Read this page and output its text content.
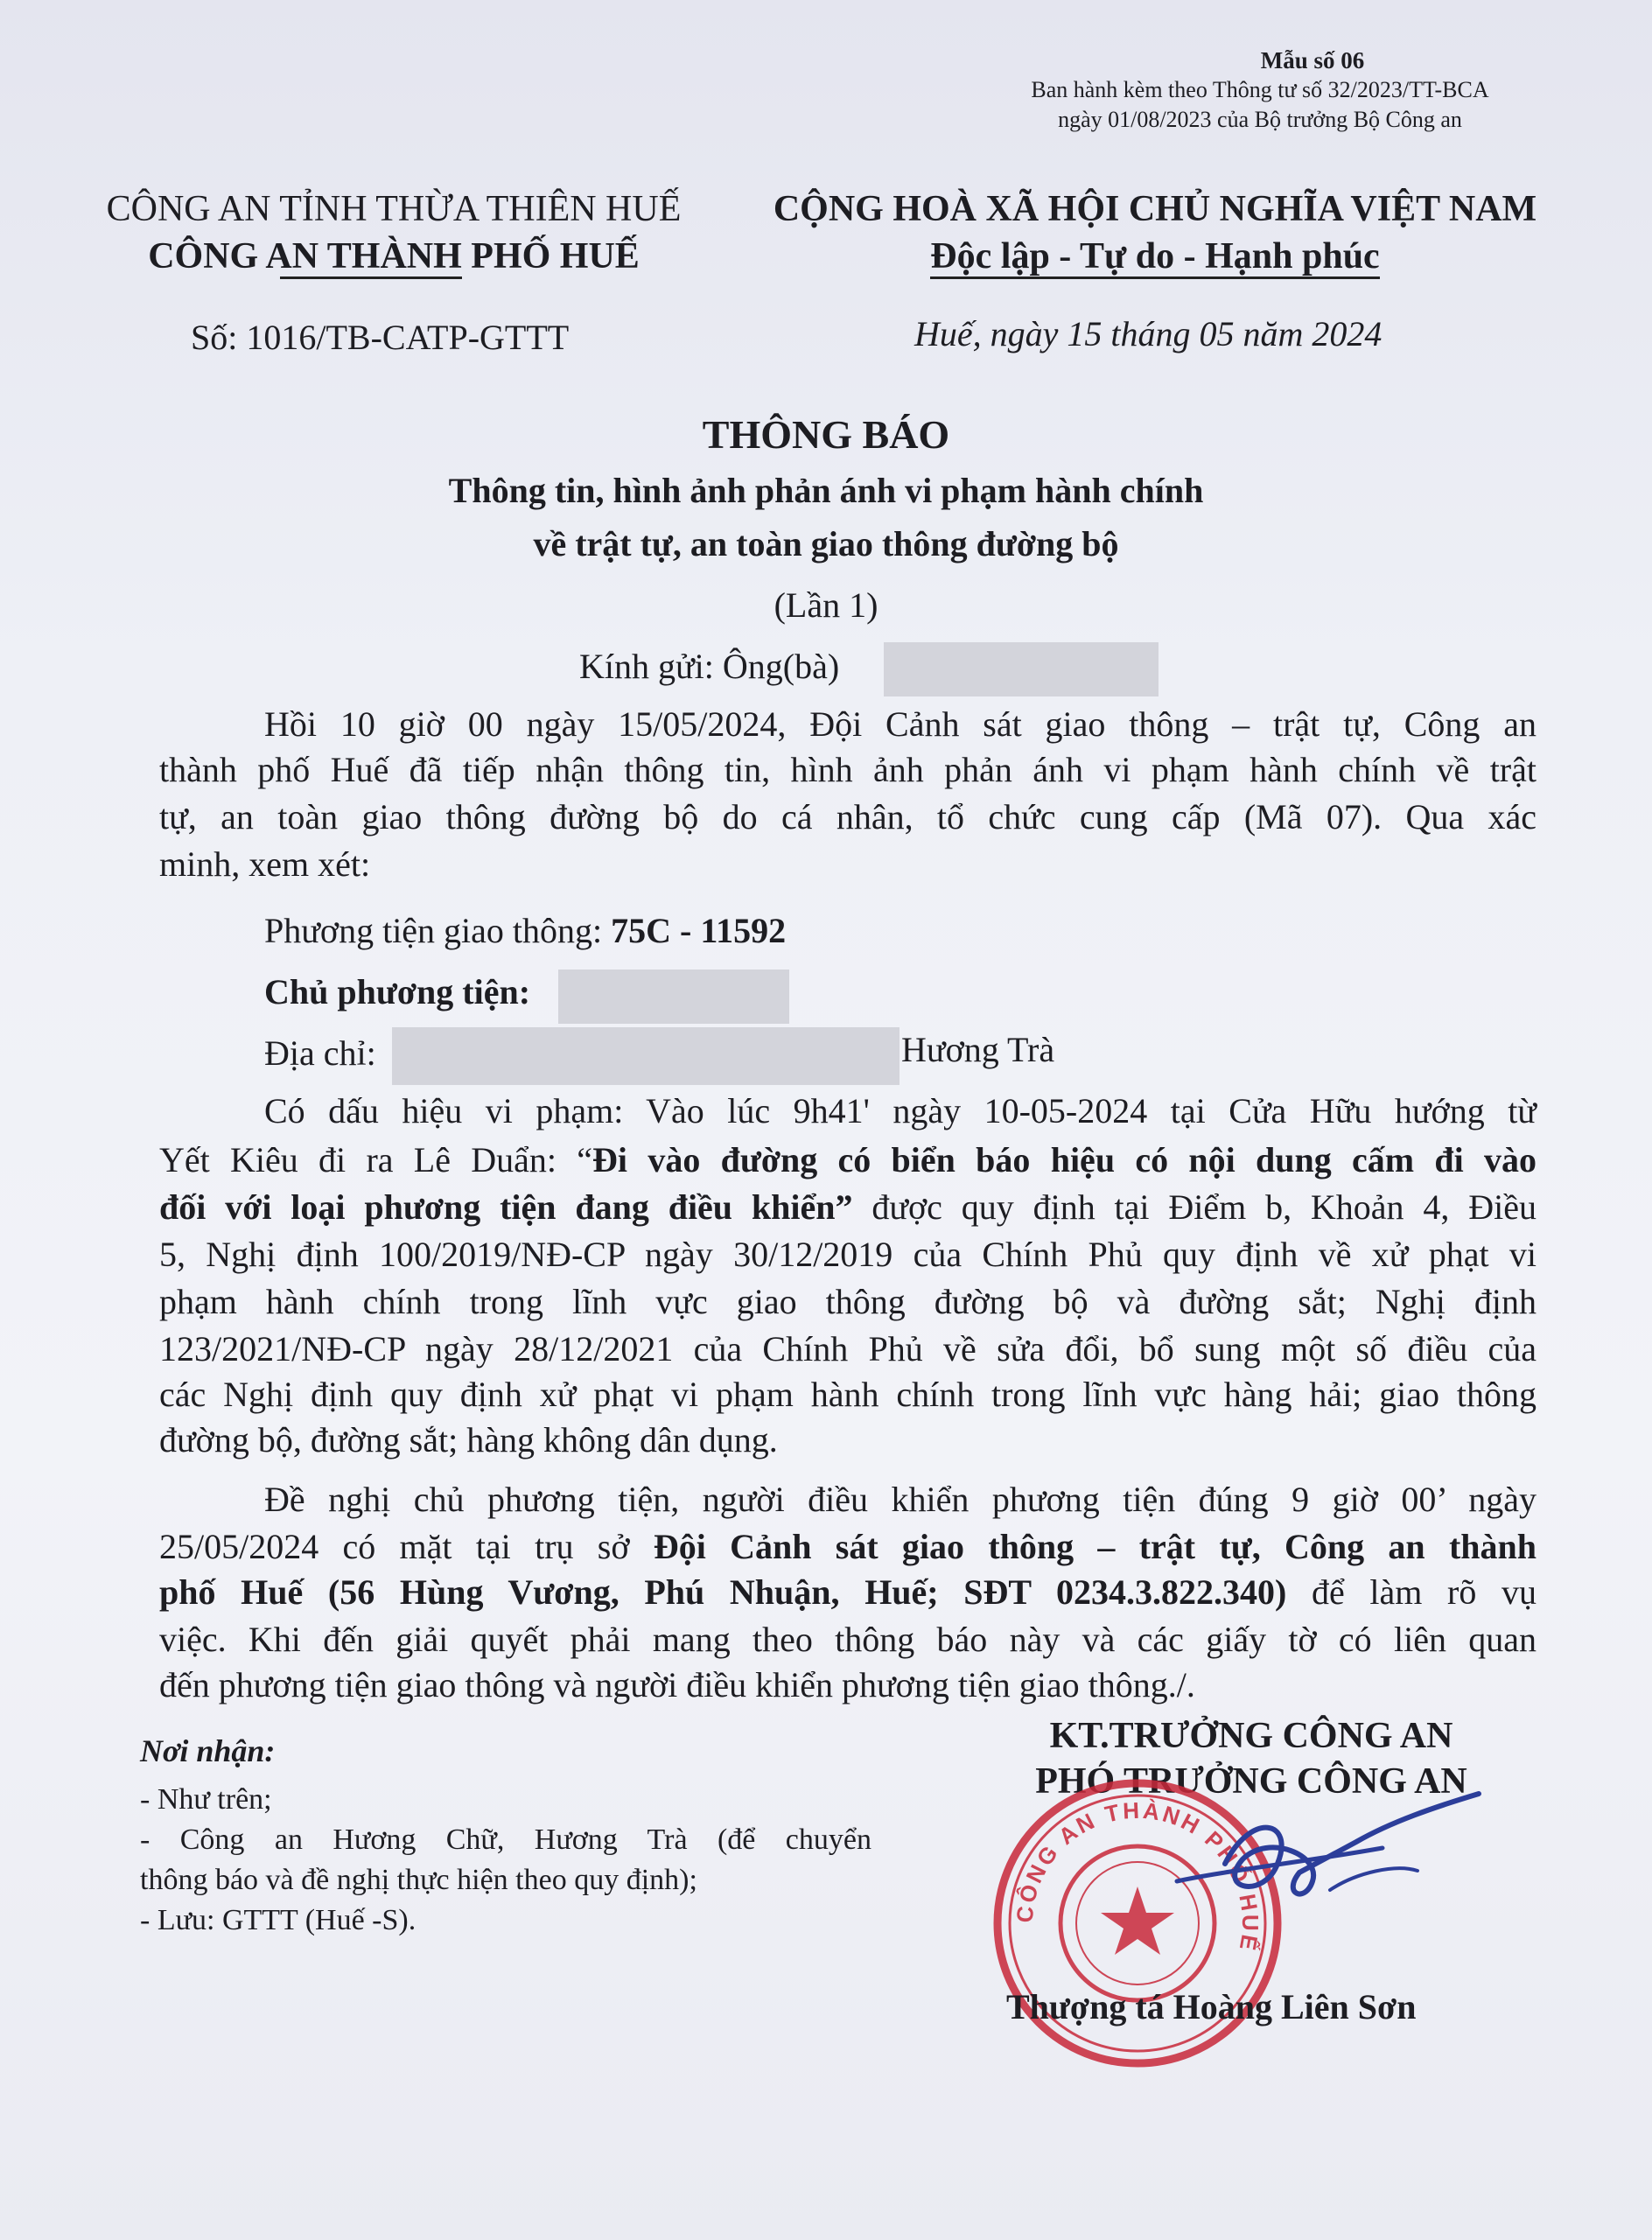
Mẫu số 06
Ban hành kèm theo Thông tư số 32/2023/TT-BCA
ngày 01/08/2023 của Bộ trưởng Bộ Công an
CÔNG AN TỈNH THỪA THIÊN HUẾ
CÔNG AN THÀNH PHỐ HUẾ
CỘNG HOÀ XÃ HỘI CHỦ NGHĨA VIỆT NAM
Độc lập - Tự do - Hạnh phúc
Số: 1016/TB-CATP-GTTT	Huế, ngày 15 tháng 05 năm 2024
THÔNG BÁO
Thông tin, hình ảnh phản ánh vi phạm hành chính
về trật tự, an toàn giao thông đường bộ
(Lần 1)
Kính gửi: Ông(bà)
Hồi 10 giờ 00 ngày 15/05/2024, Đội Cảnh sát giao thông – trật tự, Công an
thành phố Huế đã tiếp nhận thông tin, hình ảnh phản ánh vi phạm hành chính về trật
tự, an toàn giao thông đường bộ do cá nhân, tổ chức cung cấp (Mã 07). Qua xác
minh, xem xét:
Phương tiện giao thông: 75C - 11592
Chủ phương tiện:
Địa chỉ:	Hương Trà
Có dấu hiệu vi phạm: Vào lúc 9h41' ngày 10-05-2024 tại Cửa Hữu hướng từ
Yết Kiêu đi ra Lê Duẩn: “Đi vào đường có biển báo hiệu có nội dung cấm đi vào
đối với loại phương tiện đang điều khiển” được quy định tại Điểm b, Khoản 4, Điều
5, Nghị định 100/2019/NĐ-CP ngày 30/12/2019 của Chính Phủ quy định về xử phạt vi
phạm hành chính trong lĩnh vực giao thông đường bộ và đường sắt; Nghị định
123/2021/NĐ-CP ngày 28/12/2021 của Chính Phủ về sửa đổi, bổ sung một số điều của
các Nghị định quy định xử phạt vi phạm hành chính trong lĩnh vực hàng hải; giao thông
đường bộ, đường sắt; hàng không dân dụng.
Đề nghị chủ phương tiện, người điều khiển phương tiện đúng 9 giờ 00’ ngày
25/05/2024 có mặt tại trụ sở Đội Cảnh sát giao thông – trật tự, Công an thành
phố Huế (56 Hùng Vương, Phú Nhuận, Huế; SĐT 0234.3.822.340) để làm rõ vụ
việc. Khi đến giải quyết phải mang theo thông báo này và các giấy tờ có liên quan
đến phương tiện giao thông và người điều khiển phương tiện giao thông./.
Nơi nhận:
- Như trên;
- Công an Hương Chữ, Hương Trà (để chuyển
thông báo và đề nghị thực hiện theo quy định);
- Lưu: GTTT (Huế -S).
KT.TRƯỞNG CÔNG AN
PHÓ TRƯỞNG CÔNG AN
CÔNG AN THÀNH PHỐ HUẾ
Thượng tá Hoàng Liên Sơn
